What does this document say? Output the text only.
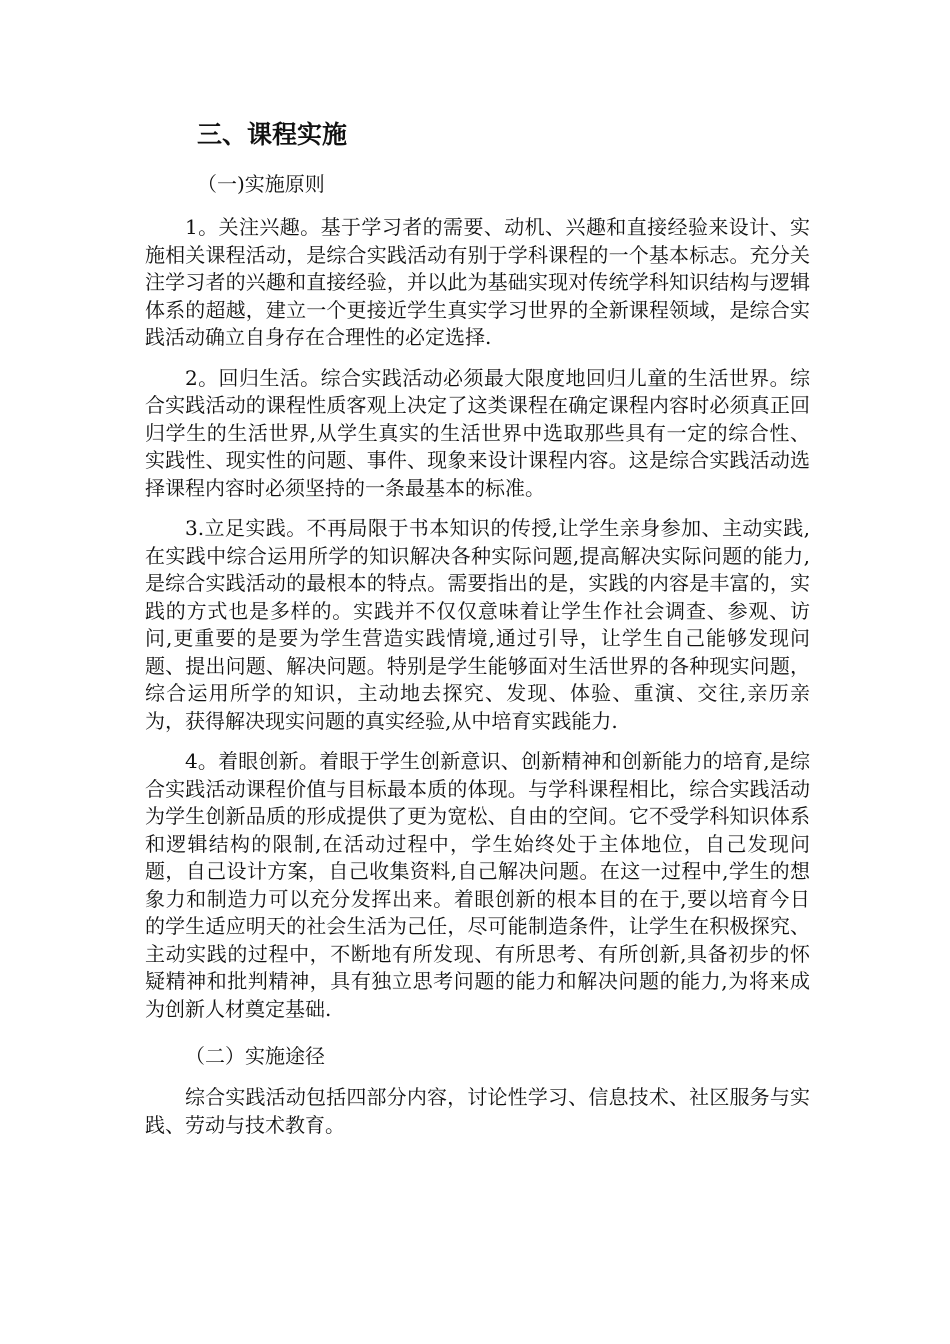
三、课程实施
（一)实施原则

1。关注兴趣。基于学习者的需要、动机、兴趣和直接经验来设计、实施相关课程活动，是综合实践活动有别于学科课程的一个基本标志。充分关注学习者的兴趣和直接经验，并以此为基础实现对传统学科知识结构与逻辑体系的超越，建立一个更接近学生真实学习世界的全新课程领域，是综合实践活动确立自身存在合理性的必定选择.

2。回归生活。综合实践活动必须最大限度地回归儿童的生活世界。综合实践活动的课程性质客观上决定了这类课程在确定课程内容时必须真正回归学生的生活世界,从学生真实的生活世界中选取那些具有一定的综合性、实践性、现实性的问题、事件、现象来设计课程内容。这是综合实践活动选择课程内容时必须坚持的一条最基本的标准。

3.立足实践。不再局限于书本知识的传授,让学生亲身参加、主动实践,在实践中综合运用所学的知识解决各种实际问题,提高解决实际问题的能力,是综合实践活动的最根本的特点。需要指出的是，实践的内容是丰富的，实践的方式也是多样的。实践并不仅仅意味着让学生作社会调查、参观、访问,更重要的是要为学生营造实践情境,通过引导，让学生自己能够发现问题、提出问题、解决问题。特别是学生能够面对生活世界的各种现实问题，综合运用所学的知识，主动地去探究、发现、体验、重演、交往,亲历亲为，获得解决现实问题的真实经验,从中培育实践能力.

4。着眼创新。着眼于学生创新意识、创新精神和创新能力的培育,是综合实践活动课程价值与目标最本质的体现。与学科课程相比，综合实践活动为学生创新品质的形成提供了更为宽松、自由的空间。它不受学科知识体系和逻辑结构的限制,在活动过程中，学生始终处于主体地位，自己发现问题，自己设计方案，自己收集资料,自己解决问题。在这一过程中,学生的想象力和制造力可以充分发挥出来。着眼创新的根本目的在于,要以培育今日的学生适应明天的社会生活为己任，尽可能制造条件，让学生在积极探究、主动实践的过程中，不断地有所发现、有所思考、有所创新,具备初步的怀疑精神和批判精神，具有独立思考问题的能力和解决问题的能力,为将来成为创新人材奠定基础.

（二）实施途径

综合实践活动包括四部分内容，讨论性学习、信息技术、社区服务与实践、劳动与技术教育。
